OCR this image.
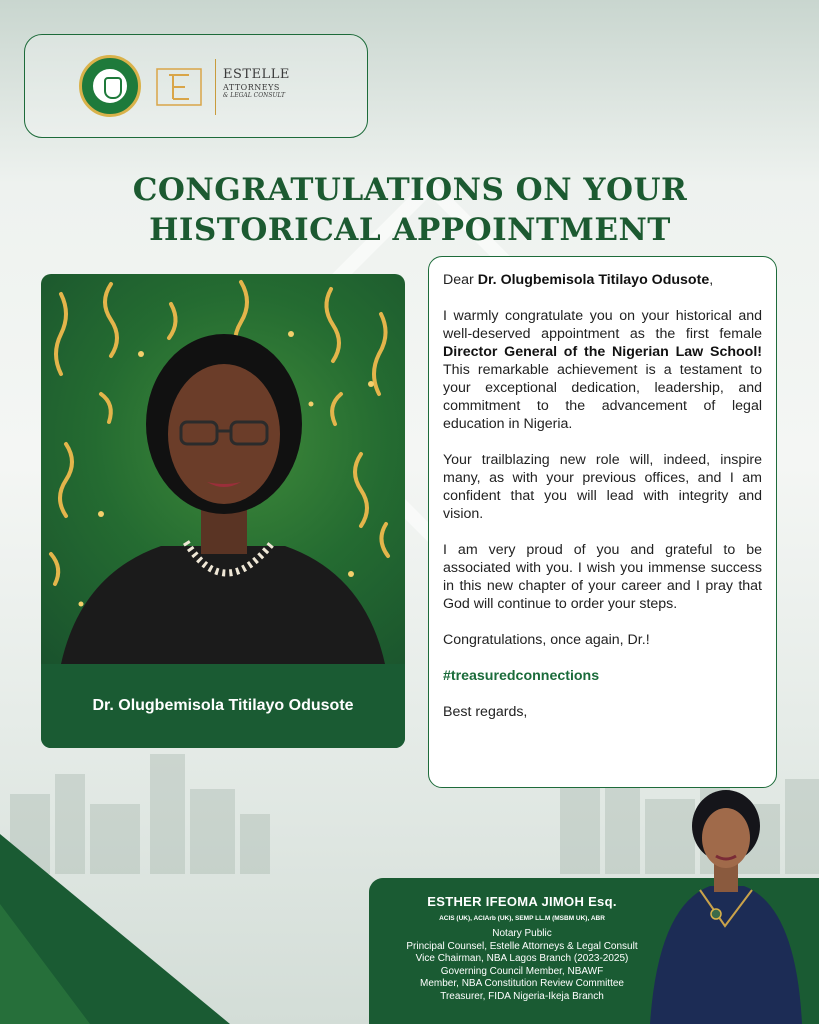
ESTELLE
ATTORNEYS
& LEGAL CONSULT
CONGRATULATIONS ON YOUR
HISTORICAL APPOINTMENT
Dr. Olugbemisola Titilayo Odusote

Dear Dr. Olugbemisola Titilayo Odusote,

I warmly congratulate you on your historical and well-deserved appointment as the first female Director General of the Nigerian Law School! This remarkable achievement is a testament to your exceptional dedication, leadership, and commitment to the advancement of legal education in Nigeria.

Your trailblazing new role will, indeed, inspire many, as with your previous offices, and I am confident that you will lead with integrity and vision.

I am very proud of you and grateful to be associated with you. I wish you immense success in this new chapter of your career and I pray that God will continue to order your steps.

Congratulations, once again, Dr.!

#treasuredconnections

Best regards,

ESTHER IFEOMA JIMOH Esq.
ACIS (UK), ACIArb (UK), SEMP LL.M (MSBM UK), ABR
Notary Public
Principal Counsel, Estelle Attorneys & Legal Consult
Vice Chairman, NBA Lagos Branch (2023-2025)
Governing Council Member, NBAWF
Member, NBA Constitution Review Committee
Treasurer, FIDA Nigeria-Ikeja Branch
